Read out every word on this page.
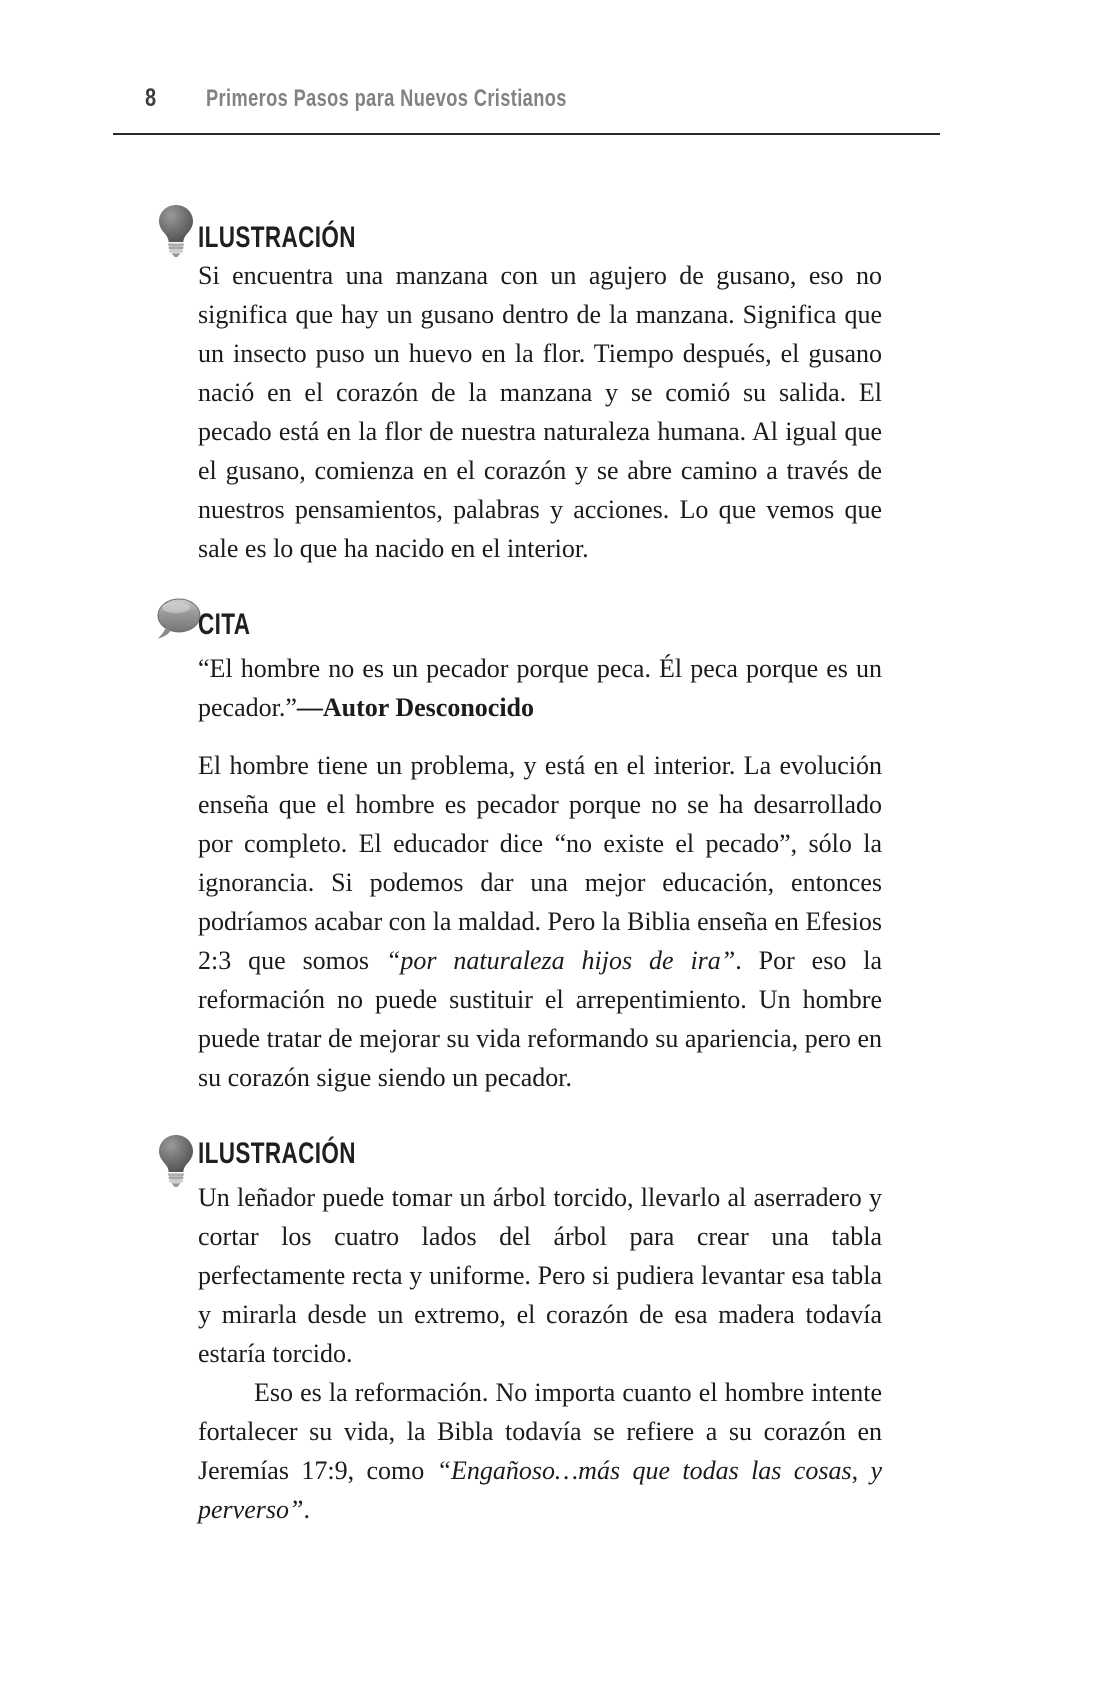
8 Primeros Pasos para Nuevos Cristianos
ILUSTRACIÓN

Si encuentra una manzana con un agujero de gusano, eso no significa que hay un gusano dentro de la manzana. Significa que un insecto puso un huevo en la flor. Tiempo después, el gusano nació en el corazón de la manzana y se comió su salida. El pecado está en la flor de nuestra naturaleza humana. Al igual que el gusano, comienza en el corazón y se abre camino a través de nuestros pensamientos, palabras y acciones. Lo que vemos que sale es lo que ha nacido en el interior.

CITA

“El hombre no es un pecador porque peca. Él peca porque es un pecador.”—Autor Desconocido

El hombre tiene un problema, y está en el interior. La evolución enseña que el hombre es pecador porque no se ha desarrollado por completo. El educador dice “no existe el pecado”, sólo la ignorancia. Si podemos dar una mejor educación, entonces podríamos acabar con la maldad. Pero la Biblia enseña en Efesios 2:3 que somos “por naturaleza hijos de ira”. Por eso la reformación no puede sustituir el arrepentimiento. Un hombre puede tratar de mejorar su vida reformando su apariencia, pero en su corazón sigue siendo un pecador.

ILUSTRACIÓN

Un leñador puede tomar un árbol torcido, llevarlo al aserradero y cortar los cuatro lados del árbol para crear una tabla perfectamente recta y uniforme. Pero si pudiera levantar esa tabla y mirarla desde un extremo, el corazón de esa madera todavía estaría torcido.

Eso es la reformación. No importa cuanto el hombre intente fortalecer su vida, la Bibla todavía se refiere a su corazón en Jeremías 17:9, como “Engañoso…más que todas las cosas, y perverso”.
